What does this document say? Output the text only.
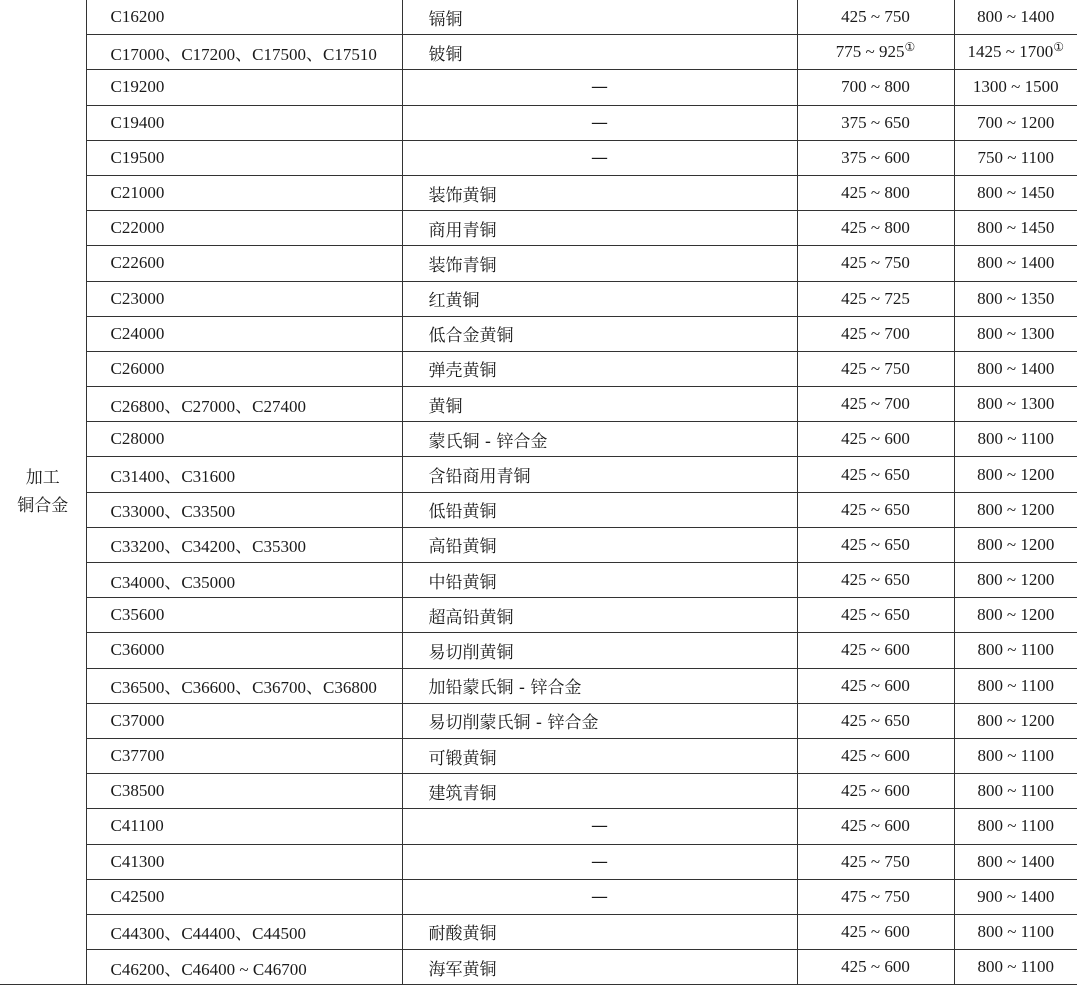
加工
铜合金	C16200	镉铜	425 ~ 750	800 ~ 1400
	C17000、C17200、C17500、C17510	铍铜	775 ~ 925①	1425 ~ 1700①
	C19200	—	700 ~ 800	1300 ~ 1500
	C19400	—	375 ~ 650	700 ~ 1200
	C19500	—	375 ~ 600	750 ~ 1100
	C21000	装饰黄铜	425 ~ 800	800 ~ 1450
	C22000	商用青铜	425 ~ 800	800 ~ 1450
	C22600	装饰青铜	425 ~ 750	800 ~ 1400
	C23000	红黄铜	425 ~ 725	800 ~ 1350
	C24000	低合金黄铜	425 ~ 700	800 ~ 1300
	C26000	弹壳黄铜	425 ~ 750	800 ~ 1400
	C26800、C27000、C27400	黄铜	425 ~ 700	800 ~ 1300
	C28000	蒙氏铜 - 锌合金	425 ~ 600	800 ~ 1100
	C31400、C31600	含铅商用青铜	425 ~ 650	800 ~ 1200
	C33000、C33500	低铅黄铜	425 ~ 650	800 ~ 1200
	C33200、C34200、C35300	高铅黄铜	425 ~ 650	800 ~ 1200
	C34000、C35000	中铅黄铜	425 ~ 650	800 ~ 1200
	C35600	超高铅黄铜	425 ~ 650	800 ~ 1200
	C36000	易切削黄铜	425 ~ 600	800 ~ 1100
	C36500、C36600、C36700、C36800	加铅蒙氏铜 - 锌合金	425 ~ 600	800 ~ 1100
	C37000	易切削蒙氏铜 - 锌合金	425 ~ 650	800 ~ 1200
	C37700	可锻黄铜	425 ~ 600	800 ~ 1100
	C38500	建筑青铜	425 ~ 600	800 ~ 1100
	C41100	—	425 ~ 600	800 ~ 1100
	C41300	—	425 ~ 750	800 ~ 1400
	C42500	—	475 ~ 750	900 ~ 1400
	C44300、C44400、C44500	耐酸黄铜	425 ~ 600	800 ~ 1100
	C46200、C46400 ~ C46700	海军黄铜	425 ~ 600	800 ~ 1100
